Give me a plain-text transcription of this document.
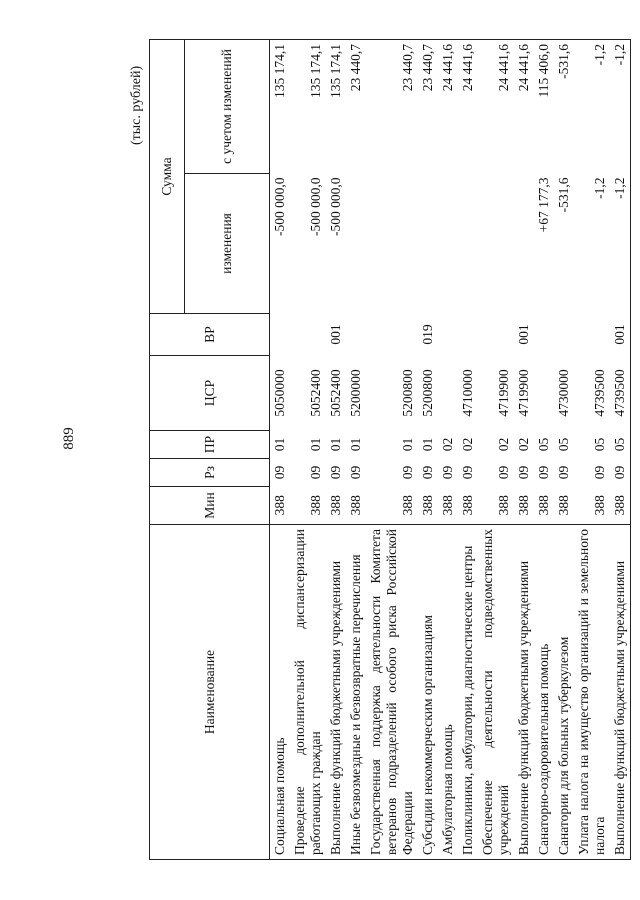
889
(тыс. рублей)
Наименование	Мин	Рз	ПР	ЦСР	ВР	Сумма	
						изменения	с учетом изменений
Социальная помощь	388	09	01	5050000		-500 000,0	135 174,1
Проведение дополнительной диспансеризации работающих граждан	388	09	01	5052400		-500 000,0	135 174,1
Выполнение функций бюджетными учреждениями	388	09	01	5052400	001	-500 000,0	135 174,1
Иные безвозмездные и безвозвратные перечисления	388	09	01	5200000			23 440,7
Государственная поддержка деятельности Комитета ветеранов подразделений особого риска Российской Федерации	388	09	01	5200800			23 440,7
Субсидии некоммерческим организациям	388	09	01	5200800	019		23 440,7
Амбулаторная помощь	388	09	02				24 441,6
Поликлиники, амбулатории, диагностические центры	388	09	02	4710000			24 441,6
Обеспечение деятельности подведомственных учреждений	388	09	02	4719900			24 441,6
Выполнение функций бюджетными учреждениями	388	09	02	4719900	001		24 441,6
Санаторно-оздоровительная помощь	388	09	05			+67 177,3	115 406,0
Санатории для больных туберкулезом	388	09	05	4730000		-531,6	-531,6
Уплата налога на имущество организаций и земельного налога	388	09	05	4739500		-1,2	-1,2
Выполнение функций бюджетными учреждениями	388	09	05	4739500	001	-1,2	-1,2
